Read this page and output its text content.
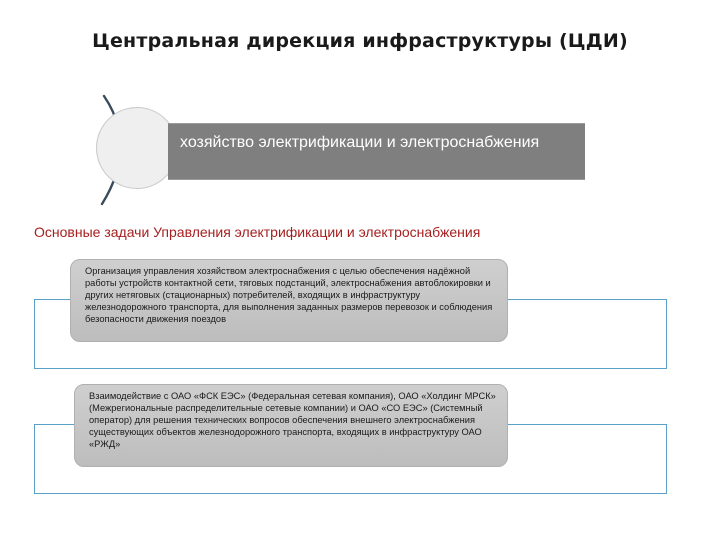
Центральная дирекция инфраструктуры (ЦДИ)
хозяйство электрификации и электроснабжения
Основные задачи Управления электрификации и электроснабжения
Организация управления хозяйством электроснабжения с целью обеспечения надёжной работы устройств контактной сети, тяговых подстанций, электроснабжения автоблокировки и других нетяговых (стационарных) потребителей, входящих в инфраструктуру железнодорожного транспорта, для выполнения заданных размеров перевозок и соблюдения безопасности движения поездов
Взаимодействие с ОАО «ФСК ЕЭС» (Федеральная сетевая компания), ОАО «Холдинг МРСК» (Межрегиональные распределительные сетевые компании) и ОАО «СО ЕЭС» (Системный оператор) для решения технических вопросов обеспечения внешнего электроснабжения существующих объектов железнодорожного транспорта, входящих в инфраструктуру ОАО «РЖД»
